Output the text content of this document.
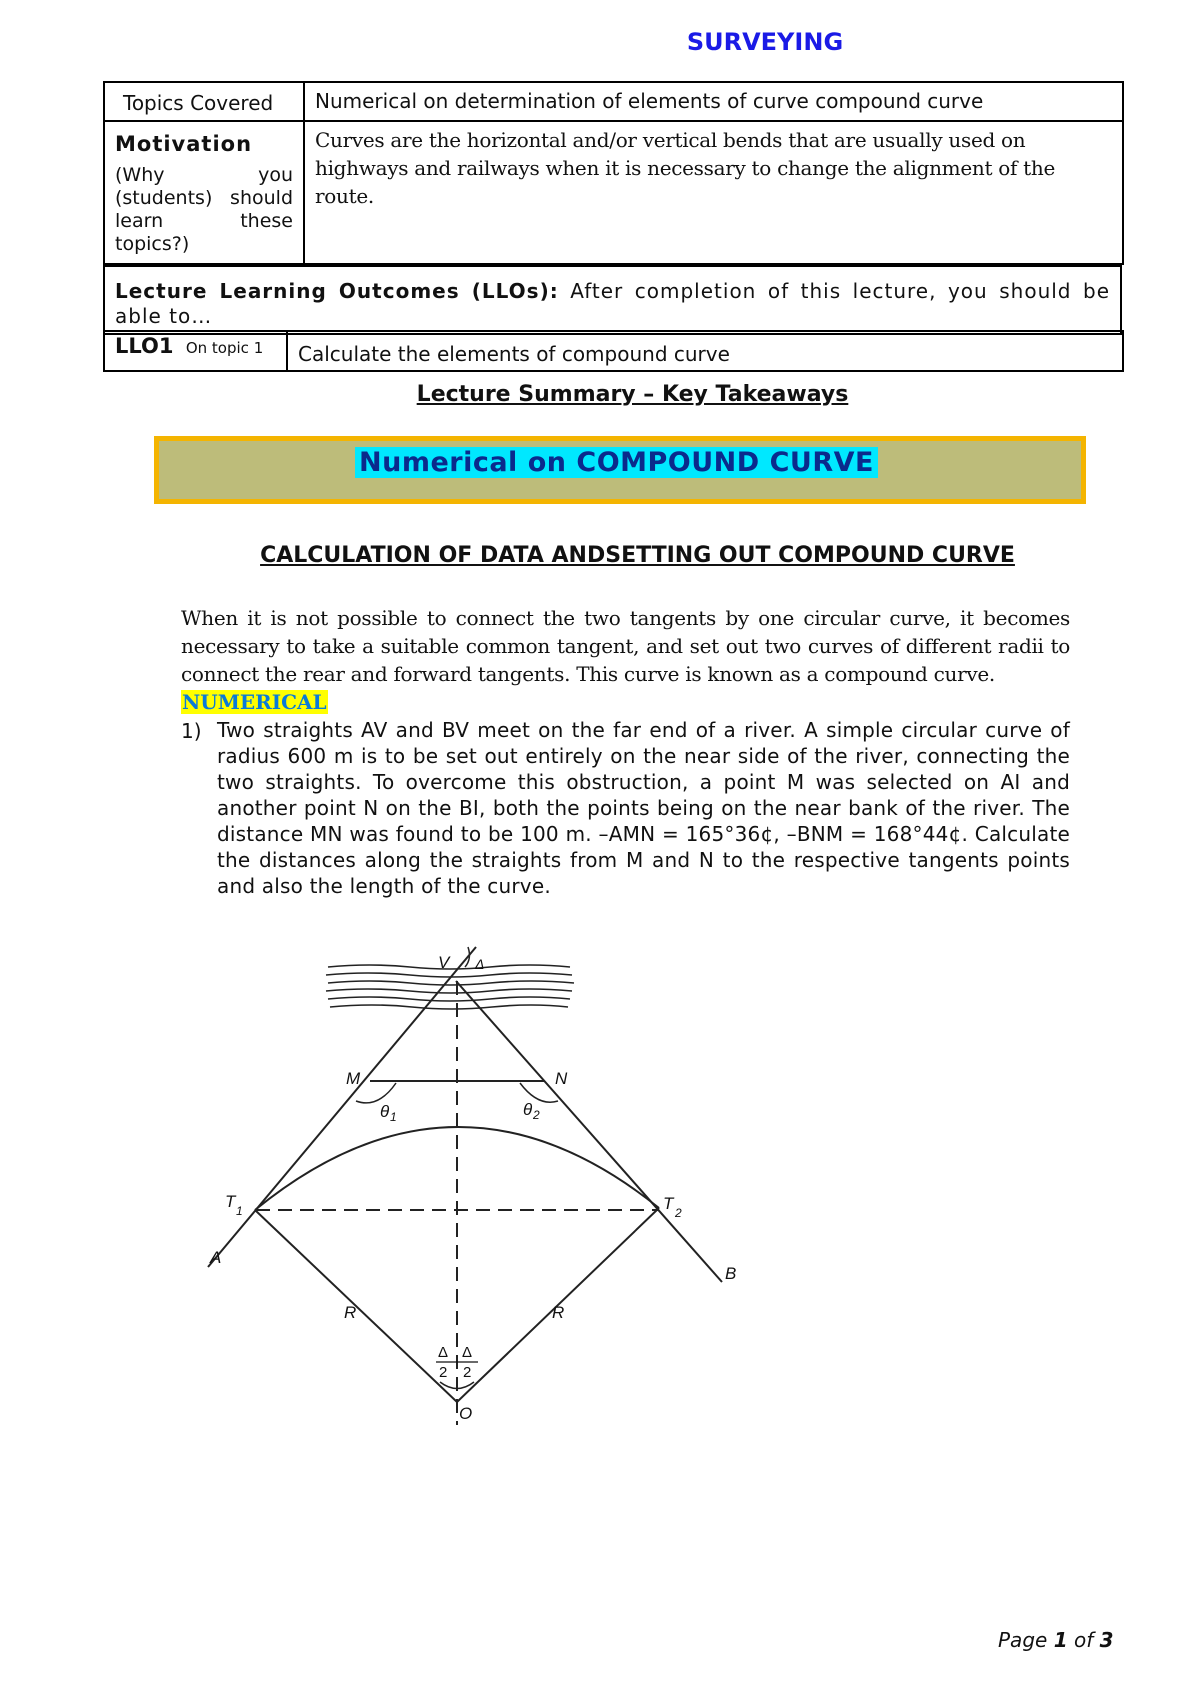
SURVEYING
Topics Covered	Numerical on determination of elements of curve compound curve

Motivation
(Why you (students) should learn these topics?)	Curves are the horizontal and/or vertical bends that are usually used on highways and railways when it is necessary to change the alignment of the route.
Lecture Learning Outcomes (LLOs): After completion of this lecture, you should be able to…
LLO1 On topic 1	Calculate the elements of compound curve
Lecture Summary – Key Takeaways
Numerical on COMPOUND CURVE
CALCULATION OF DATA ANDSETTING OUT COMPOUND CURVE
When it is not possible to connect the two tangents by one circular curve, it becomes necessary to take a suitable common tangent, and set out two curves of different radii to connect the rear and forward tangents. This curve is known as a compound curve.
NUMERICAL
1) Two straights AV and BV meet on the far end of a river. A simple circular curve of radius 600 m is to be set out entirely on the near side of the river, connecting the two straights. To overcome this obstruction, a point M was selected on AI and another point N on the BI, both the points being on the near bank of the river. The distance MN was found to be 100 m. –AMN = 165°36¢, –BNM = 168°44¢. Calculate the distances along the straights from M and N to the respective tangents points and also the length of the curve.
V Δ
M	N
θ 1	θ 2
T 1	T 2
A
B
R	R
Δ
2
Δ
2
O
Page 1 of 3
